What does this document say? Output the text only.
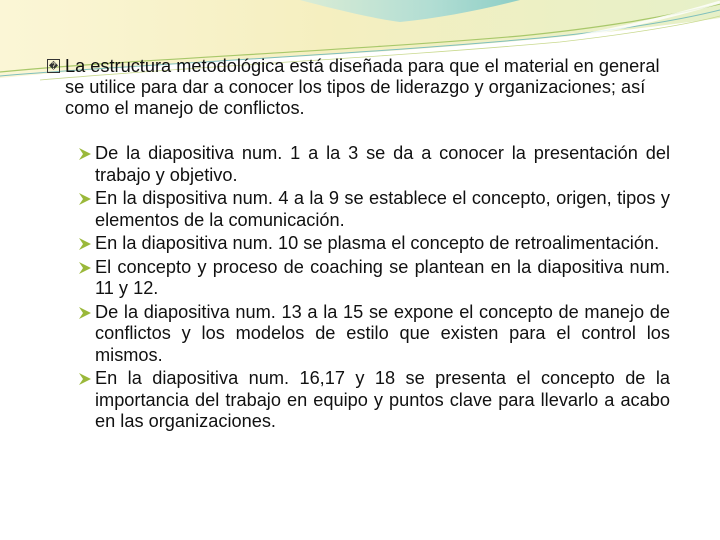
� La estructura metodológica está diseñada para que el material en general se utilice para dar a conocer los tipos de liderazgo y organizaciones; así como el manejo de conflictos.
De la diapositiva num. 1 a la 3 se da a conocer la presentación del trabajo y objetivo.
En la dispositiva num. 4 a la 9 se establece el concepto, origen, tipos y elementos de la comunicación.
En la diapositiva num. 10 se plasma el concepto de retroalimentación.
El concepto y proceso de coaching se plantean en la diapositiva num. 11 y 12.
De la diapositiva num. 13 a la 15 se expone el concepto de manejo de conflictos y los modelos de estilo que existen para el control los mismos.
En la diapositiva num. 16,17 y 18 se presenta el concepto de la importancia del trabajo en equipo y puntos clave para llevarlo a acabo en las organizaciones.
